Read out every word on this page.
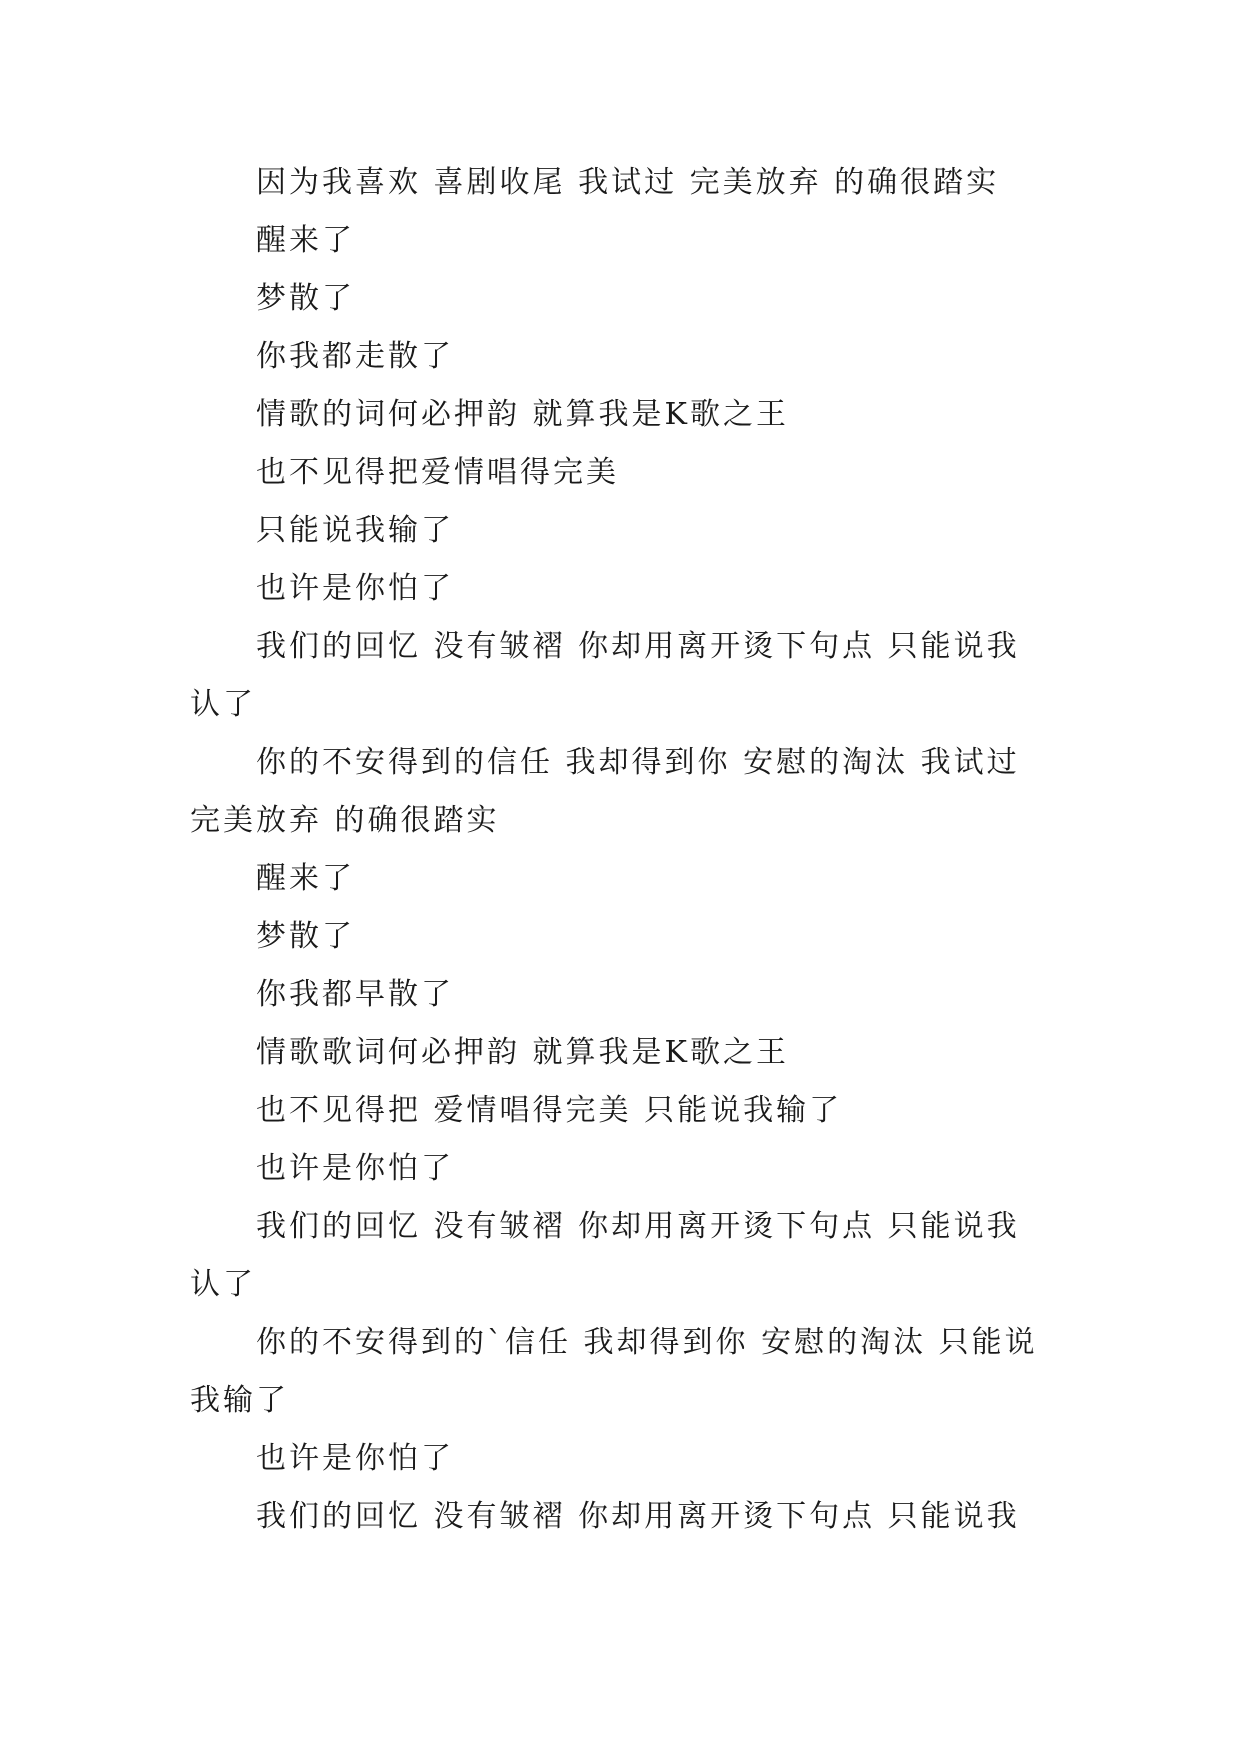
因为我喜欢 喜剧收尾 我试过 完美放弃 的确很踏实

醒来了

梦散了

你我都走散了

情歌的词何必押韵 就算我是K歌之王

也不见得把爱情唱得完美

只能说我输了

也许是你怕了

我们的回忆 没有皱褶 你却用离开烫下句点 只能说我认了

你的不安得到的信任 我却得到你 安慰的淘汰 我试过 完美放弃 的确很踏实

醒来了

梦散了

你我都早散了

情歌歌词何必押韵 就算我是K歌之王

也不见得把 爱情唱得完美 只能说我输了

也许是你怕了

我们的回忆 没有皱褶 你却用离开烫下句点 只能说我认了

你的不安得到的`信任 我却得到你 安慰的淘汰 只能说我输了

也许是你怕了

我们的回忆 没有皱褶 你却用离开烫下句点 只能说我
